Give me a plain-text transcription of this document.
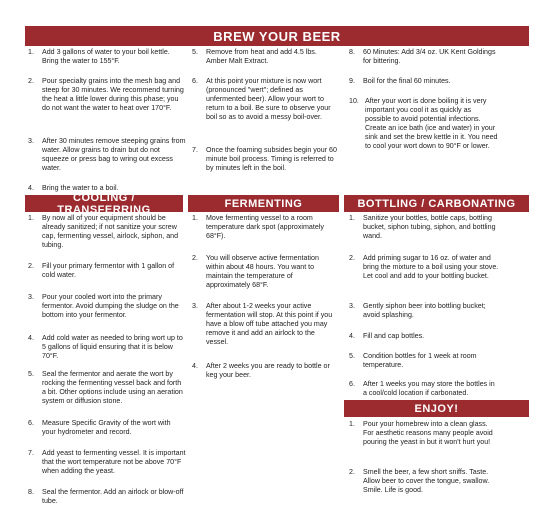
BREW YOUR BEER
1.	Add 3 gallons of water to your boil kettle. Bring the water to 155°F.
2.	Pour specialty grains into the mesh bag and steep for 30 minutes. We recommend turning the heat a little lower during this phase; you do not want the water to heat over 170°F.
3.	After 30 minutes remove steeping grains from water. Allow grains to drain but do not squeeze or press bag to wring out excess water.
4.	Bring the water to a boil.
5.	Remove from heat and add 4.5 lbs. Amber Malt Extract.
6.	At this point your mixture is now wort (pronounced "wert"; defined as unfermented beer). Allow your wort to return to a boil. Be sure to observe your boil so as to avoid a messy boil-over.
7.	Once the foaming subsides begin your 60 minute boil process. Timing is referred to by minutes left in the boil.
8.	60 Minutes: Add 3/4 oz. UK Kent Goldings for bittering.
9.	Boil for the final 60 minutes.
10. After your wort is done boiling it is very important you cool it as quickly as possible to avoid potential infections. Create an ice bath (ice and water) in your sink and set the brew kettle in it. You need to cool your wort down to 90°F or lower.
COOLING / TRANSFERRING
1.	By now all of your equipment should be already sanitized; if not sanitize your screw cap, fermenting vessel, airlock, siphon, and tubing.
2.	Fill your primary fermentor with 1 gallon of cold water.
3.	Pour your cooled wort into the primary fermentor. Avoid dumping the sludge on the bottom into your fermentor.
4.	Add cold water as needed to bring wort up to 5 gallons of liquid ensuring that it is below 70°F.
5.	Seal the fermentor and aerate the wort by rocking the fermenting vessel back and forth a bit. Other options include using an aeration system or diffusion stone.
6.	Measure Specific Gravity of the wort with your hydrometer and record.
7.	Add yeast to fermenting vessel. It is important that the wort temperature not be above 70°F when adding the yeast.
8.	Seal the fermentor. Add an airlock or blow-off tube.
FERMENTING
1.	Move fermenting vessel to a room temperature dark spot (approximately 68°F).
2.	You will observe active fermentation within about 48 hours. You want to maintain the temperature of approximately 68°F.
3.	After about 1-2 weeks your active fermentation will stop. At this point if you have a blow off tube attached you may remove it and add an airlock to the vessel.
4.	After 2 weeks you are ready to bottle or keg your beer.
BOTTLING / CARBONATING
1.	Sanitize your bottles, bottle caps, bottling bucket, siphon tubing, siphon, and bottling wand.
2.	Add priming sugar to 16 oz. of water and bring the mixture to a boil using your stove. Let cool and add to your bottling bucket.
3.	Gently siphon beer into bottling bucket; avoid splashing.
4.	Fill and cap bottles.
5.	Condition bottles for 1 week at room temperature.
6.	After 1 weeks you may store the bottles in a cool/cold location if carbonated.
ENJOY!
1.	Pour your homebrew into a clean glass. For aesthetic reasons many people avoid pouring the yeast in but it won't hurt you!
2.	Smell the beer, a few short sniffs. Taste. Allow beer to cover the tongue, swallow. Smile. Life is good.
